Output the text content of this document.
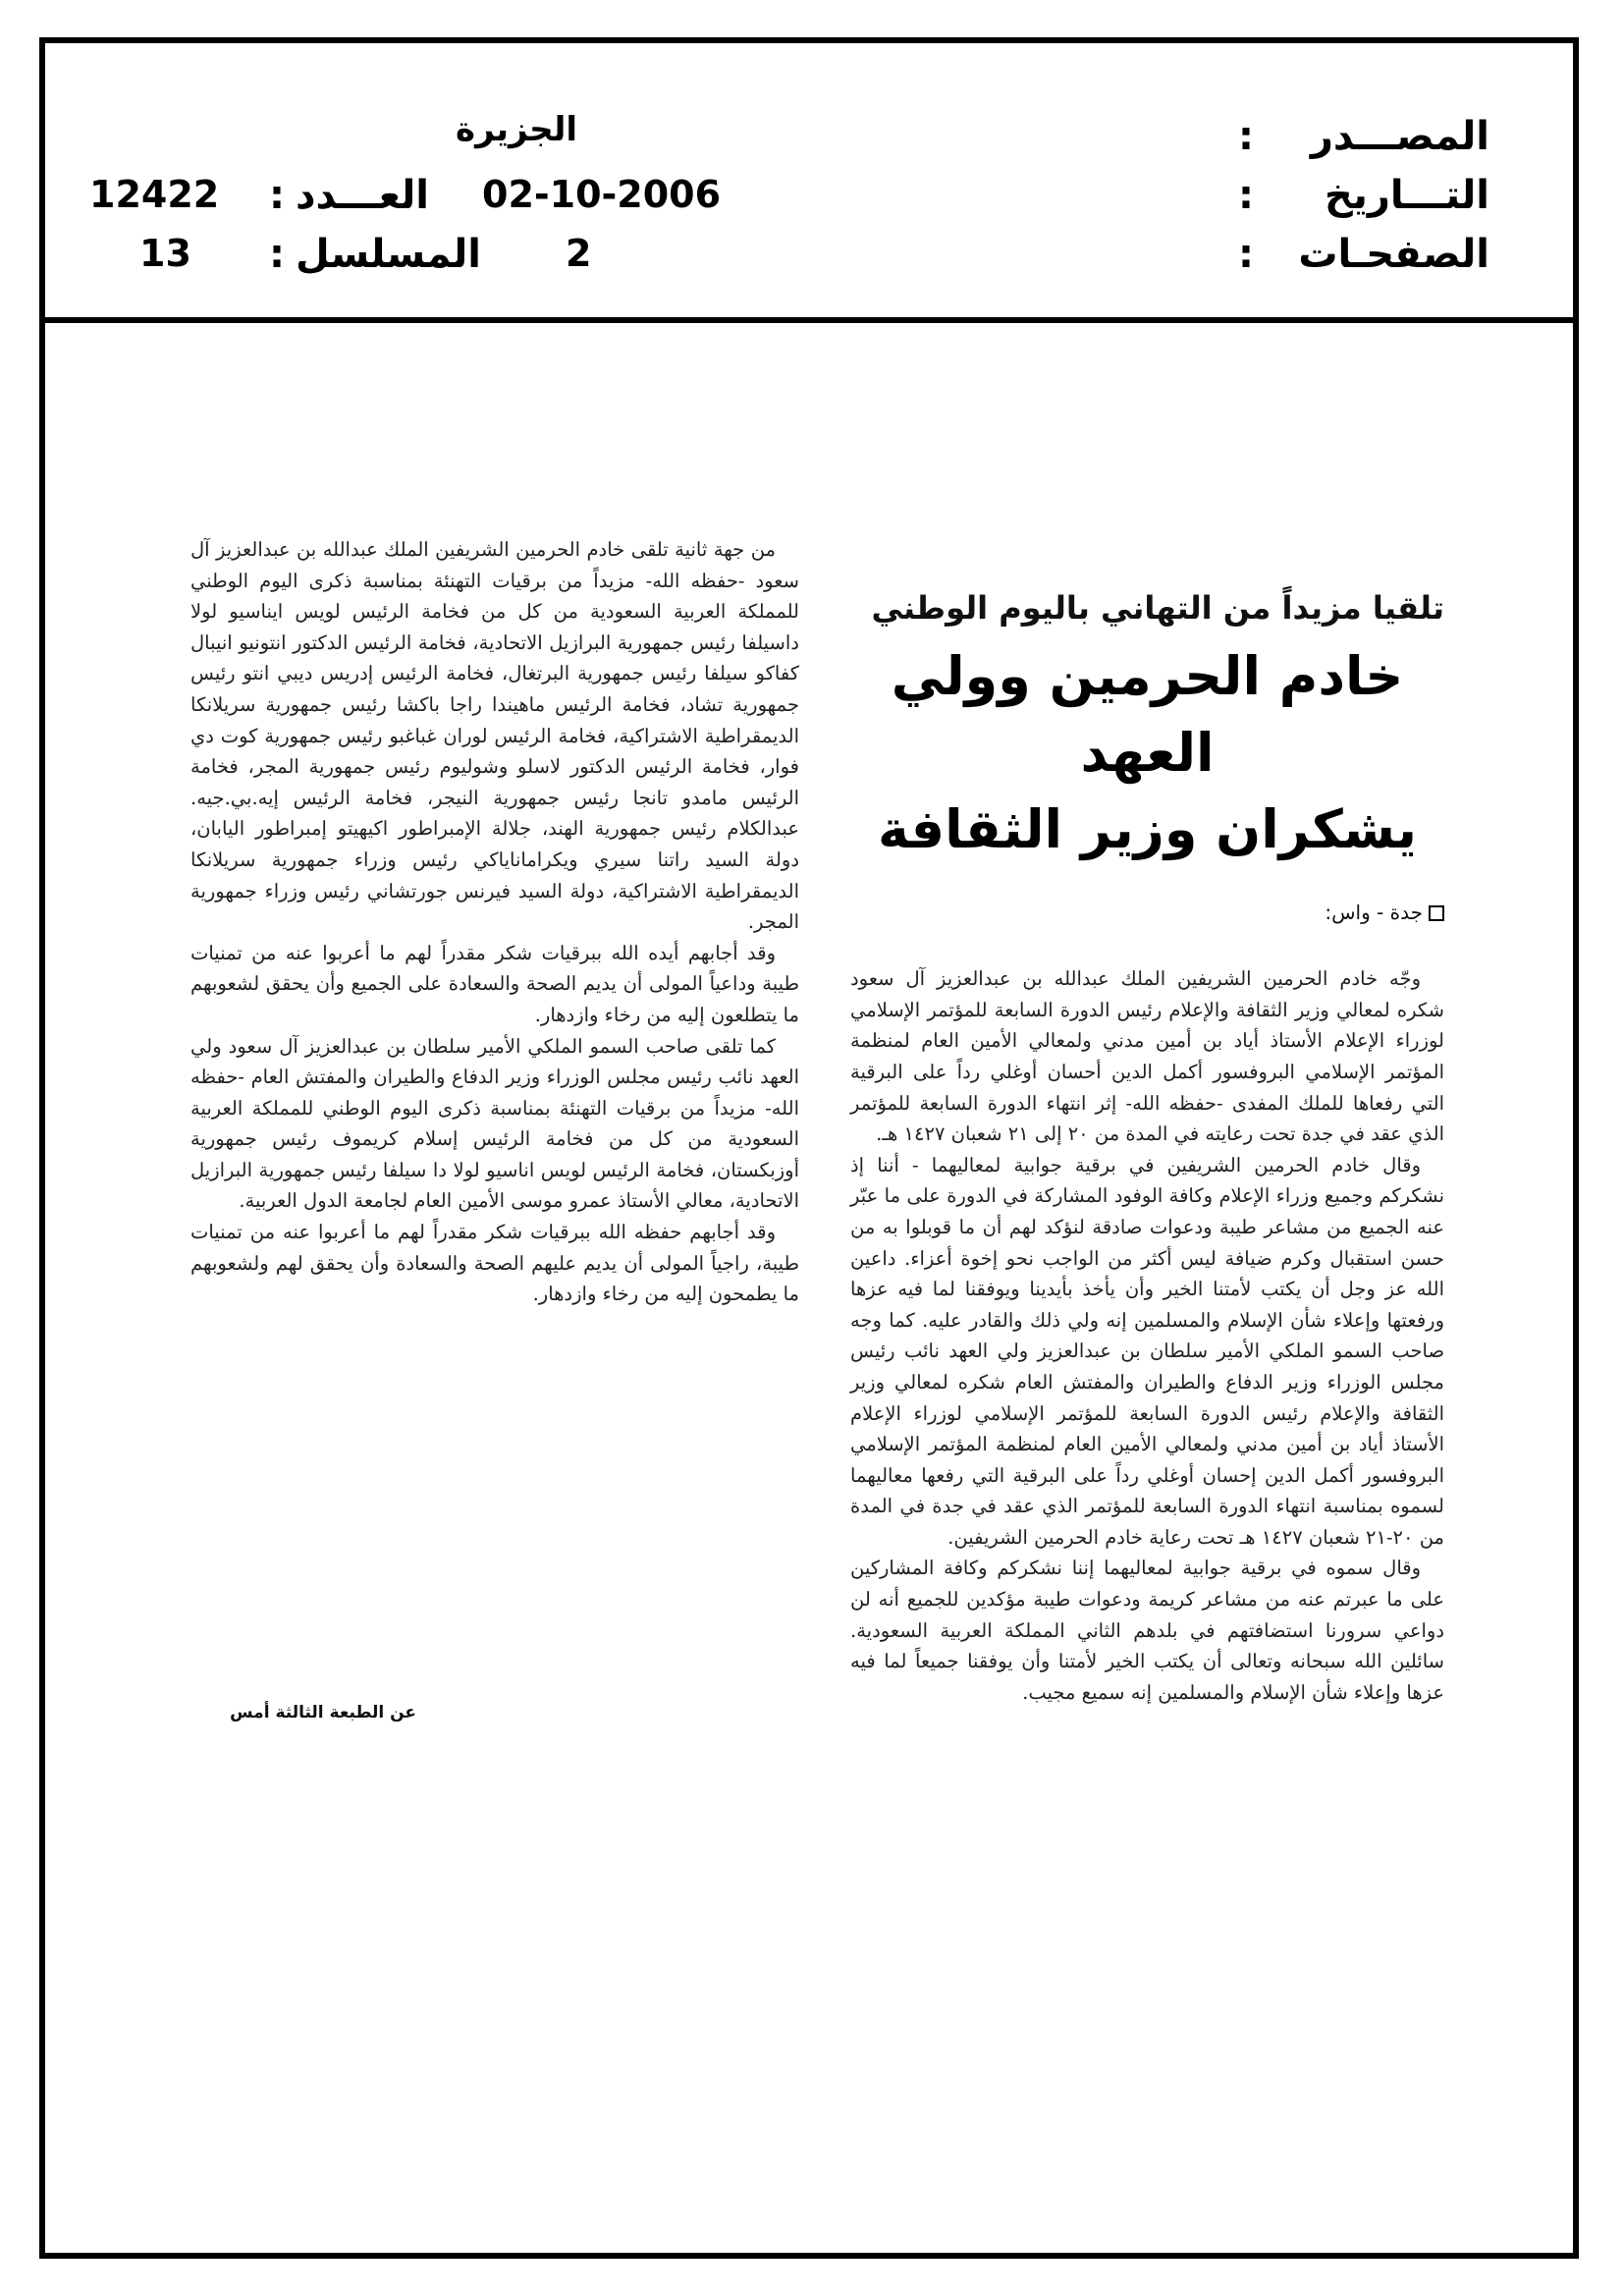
المصـــدر
:
التـــاريخ
:
الصفحـات
:
الجزيرة
02-10-2006
2
العـــدد
:
المسلسل
:
12422
13
تلقيا مزيداً من التهاني باليوم الوطني
خادم الحرمين وولي العهد
يشكران وزير الثقافة
جدة - واس:

وجّه خادم الحرمين الشريفين الملك عبدالله بن عبدالعزيز آل سعود شكره لمعالي وزير الثقافة والإعلام رئيس الدورة السابعة للمؤتمر الإسلامي لوزراء الإعلام الأستاذ أياد بن أمين مدني ولمعالي الأمين العام لمنظمة المؤتمر الإسلامي البروفسور أكمل الدين أحسان أوغلي رداً على البرقية التي رفعاها للملك المفدى -حفظه الله- إثر انتهاء الدورة السابعة للمؤتمر الذي عقد في جدة تحت رعايته في المدة من ٢٠ إلى ٢١ شعبان ١٤٢٧ هـ.

وقال خادم الحرمين الشريفين في برقية جوابية لمعاليهما - أننا إذ نشكركم وجميع وزراء الإعلام وكافة الوفود المشاركة في الدورة على ما عبّر عنه الجميع من مشاعر طيبة ودعوات صادقة لنؤكد لهم أن ما قوبلوا به من حسن استقبال وكرم ضيافة ليس أكثر من الواجب نحو إخوة أعزاء. داعين الله عز وجل أن يكتب لأمتنا الخير وأن يأخذ بأيدينا ويوفقنا لما فيه عزها ورفعتها وإعلاء شأن الإسلام والمسلمين إنه ولي ذلك والقادر عليه. كما وجه صاحب السمو الملكي الأمير سلطان بن عبدالعزيز ولي العهد نائب رئيس مجلس الوزراء وزير الدفاع والطيران والمفتش العام شكره لمعالي وزير الثقافة والإعلام رئيس الدورة السابعة للمؤتمر الإسلامي لوزراء الإعلام الأستاذ أياد بن أمين مدني ولمعالي الأمين العام لمنظمة المؤتمر الإسلامي البروفسور أكمل الدين إحسان أوغلي رداً على البرقية التي رفعها معاليهما لسموه بمناسبة انتهاء الدورة السابعة للمؤتمر الذي عقد في جدة في المدة من ٢٠-٢١ شعبان ١٤٢٧ هـ تحت رعاية خادم الحرمين الشريفين.

وقال سموه في برقية جوابية لمعاليهما إننا نشكركم وكافة المشاركين على ما عبرتم عنه من مشاعر كريمة ودعوات طيبة مؤكدين للجميع أنه لن دواعي سرورنا استضافتهم في بلدهم الثاني المملكة العربية السعودية. سائلين الله سبحانه وتعالى أن يكتب الخير لأمتنا وأن يوفقنا جميعاً لما فيه عزها وإعلاء شأن الإسلام والمسلمين إنه سميع مجيب.

من جهة ثانية تلقى خادم الحرمين الشريفين الملك عبدالله بن عبدالعزيز آل سعود -حفظه الله- مزيداً من برقيات التهنئة بمناسبة ذكرى اليوم الوطني للمملكة العربية السعودية من كل من فخامة الرئيس لويس ايناسيو لولا داسيلفا رئيس جمهورية البرازيل الاتحادية، فخامة الرئيس الدكتور انتونيو انيبال كفاكو سيلفا رئيس جمهورية البرتغال، فخامة الرئيس إدريس ديبي انتو رئيس جمهورية تشاد، فخامة الرئيس ماهيندا راجا باكشا رئيس جمهورية سريلانكا الديمقراطية الاشتراكية، فخامة الرئيس لوران غباغبو رئيس جمهورية كوت دي فوار، فخامة الرئيس الدكتور لاسلو وشوليوم رئيس جمهورية المجر، فخامة الرئيس مامدو تانجا رئيس جمهورية النيجر، فخامة الرئيس إيه.بي.جيه. عبدالكلام رئيس جمهورية الهند، جلالة الإمبراطور اكيهيتو إمبراطور اليابان، دولة السيد راتنا سيري ويكراماناياكي رئيس وزراء جمهورية سريلانكا الديمقراطية الاشتراكية، دولة السيد فيرنس جورتشاني رئيس وزراء جمهورية المجر.

وقد أجابهم أيده الله ببرقيات شكر مقدراً لهم ما أعربوا عنه من تمنيات طيبة وداعياً المولى أن يديم الصحة والسعادة على الجميع وأن يحقق لشعوبهم ما يتطلعون إليه من رخاء وازدهار.

كما تلقى صاحب السمو الملكي الأمير سلطان بن عبدالعزيز آل سعود ولي العهد نائب رئيس مجلس الوزراء وزير الدفاع والطيران والمفتش العام -حفظه الله- مزيداً من برقيات التهنئة بمناسبة ذكرى اليوم الوطني للمملكة العربية السعودية من كل من فخامة الرئيس إسلام كريموف رئيس جمهورية أوزبكستان، فخامة الرئيس لويس اناسيو لولا دا سيلفا رئيس جمهورية البرازيل الاتحادية، معالي الأستاذ عمرو موسى الأمين العام لجامعة الدول العربية.

وقد أجابهم حفظه الله ببرقيات شكر مقدراً لهم ما أعربوا عنه من تمنيات طيبة، راجياً المولى أن يديم عليهم الصحة والسعادة وأن يحقق لهم ولشعوبهم ما يطمحون إليه من رخاء وازدهار.

عن الطبعة الثالثة أمس
